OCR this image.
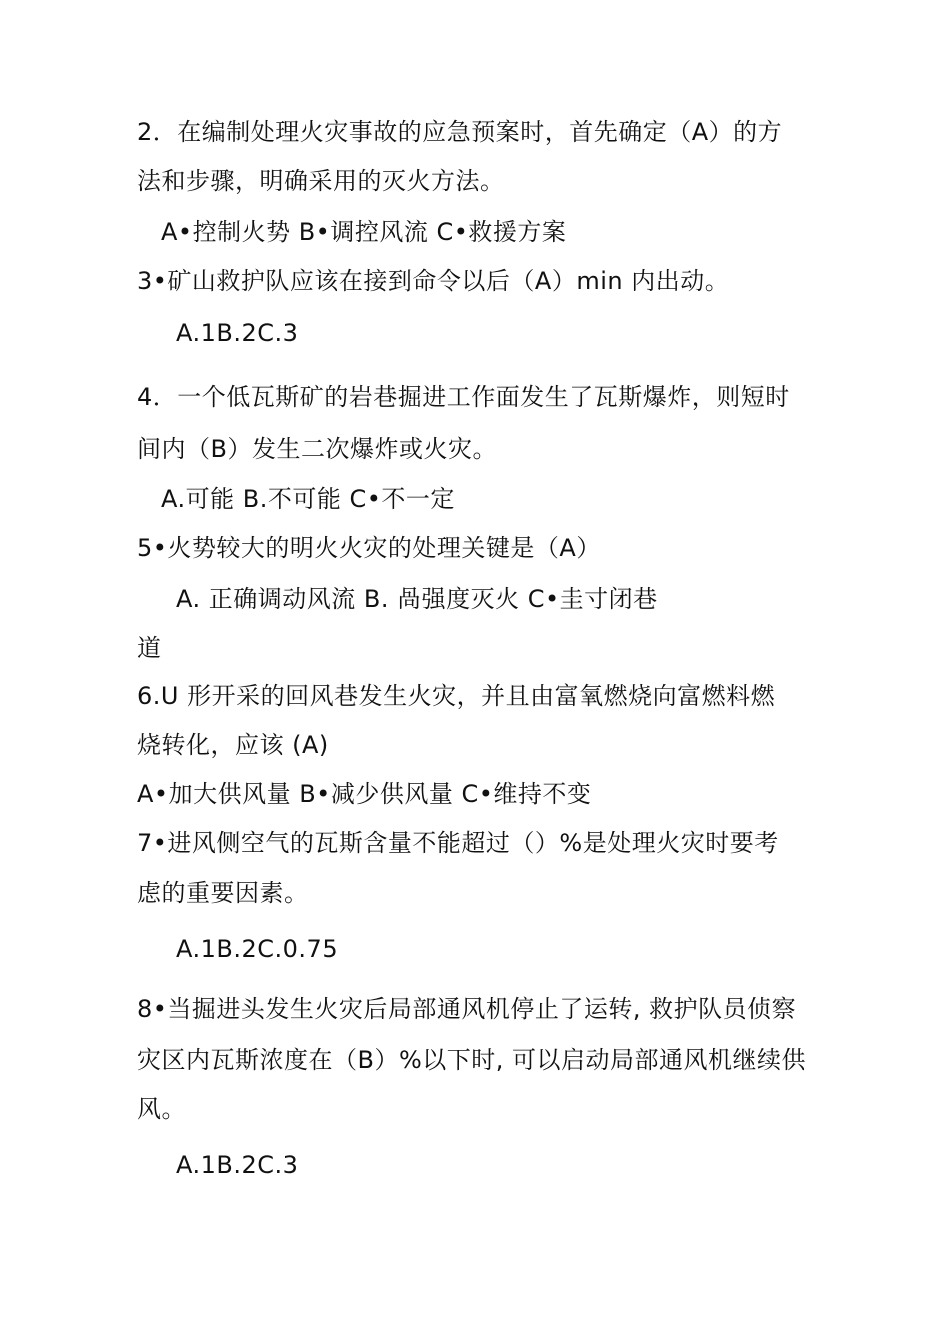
2．在编制处理火灾事故的应急预案时，首先确定（A）的方
法和步骤，明确采用的灭火方法。
A•控制火势 B•调控风流 C•救援方案
3•矿山救护队应该在接到命令以后（A）min 内出动。
A.1B.2C.3
4．一个低瓦斯矿的岩巷掘进工作面发生了瓦斯爆炸，则短时
间内（B）发生二次爆炸或火灾。
A.可能 B.不可能 C•不一定
5•火势较大的明火火灾的处理关键是（A）
A. 正确调动风流 B. 咼强度灭火 C•圭寸闭巷
道
6.U 形开采的回风巷发生火灾，并且由富氧燃烧向富燃料燃
烧转化，应该 (A)
A•加大供风量 B•减少供风量 C•维持不变
7•进风侧空气的瓦斯含量不能超过（）%是处理火灾时要考
虑的重要因素。
A.1B.2C.0.75
8•当掘进头发生火灾后局部通风机停止了运转, 救护队员侦察
灾区内瓦斯浓度在（B）%以下时, 可以启动局部通风机继续供
风。
A.1B.2C.3
